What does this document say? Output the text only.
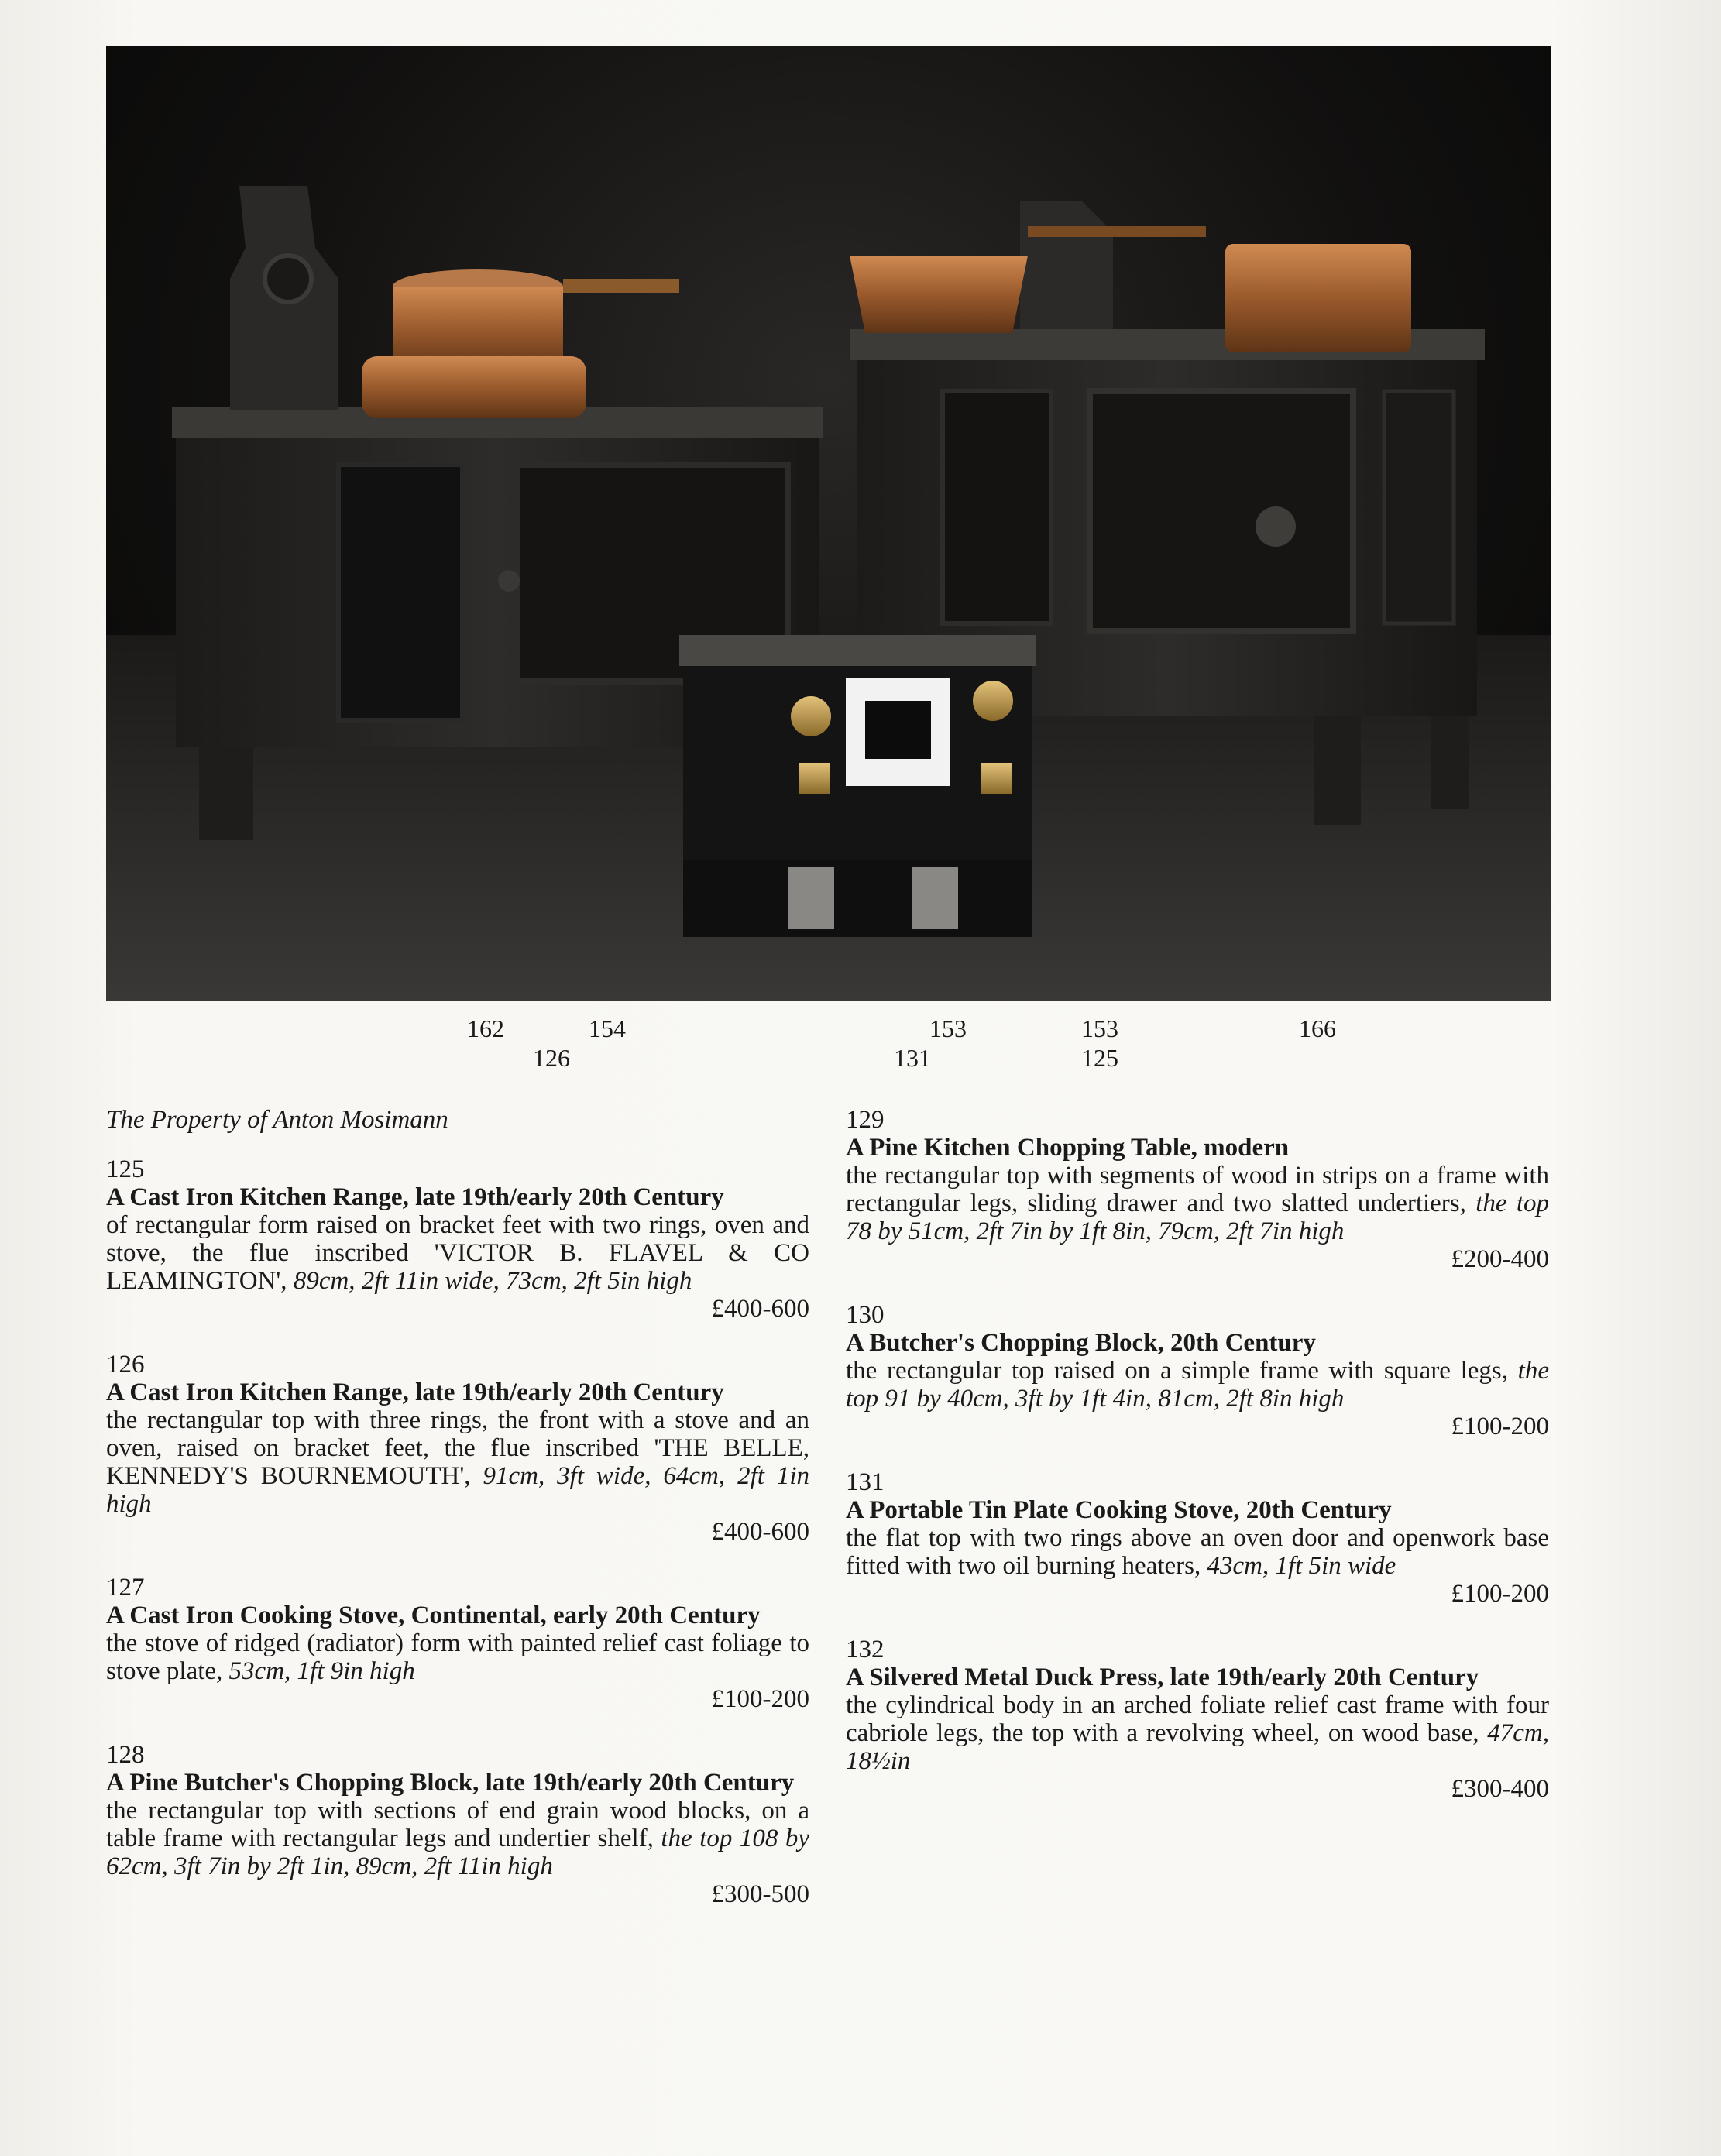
162	154
126
153
131
153
125
166
The Property of Anton Mosimann
125
A Cast Iron Kitchen Range, late 19th/early 20th Century
of rectangular form raised on bracket feet with two rings, oven and stove, the flue inscribed 'VICTOR B. FLAVEL & CO LEAMINGTON', 89cm, 2ft 11in wide, 73cm, 2ft 5in high
£400-600
126
A Cast Iron Kitchen Range, late 19th/early 20th Century
the rectangular top with three rings, the front with a stove and an oven, raised on bracket feet, the flue inscribed 'THE BELLE, KENNEDY'S BOURNEMOUTH', 91cm, 3ft wide, 64cm, 2ft 1in high
£400-600
127
A Cast Iron Cooking Stove, Continental, early 20th Century
the stove of ridged (radiator) form with painted relief cast foliage to stove plate, 53cm, 1ft 9in high
£100-200
128
A Pine Butcher's Chopping Block, late 19th/early 20th Century
the rectangular top with sections of end grain wood blocks, on a table frame with rectangular legs and undertier shelf, the top 108 by 62cm, 3ft 7in by 2ft 1in, 89cm, 2ft 11in high
£300-500
129
A Pine Kitchen Chopping Table, modern
the rectangular top with segments of wood in strips on a frame with rectangular legs, sliding drawer and two slatted undertiers, the top 78 by 51cm, 2ft 7in by 1ft 8in, 79cm, 2ft 7in high
£200-400
130
A Butcher's Chopping Block, 20th Century
the rectangular top raised on a simple frame with square legs, the top 91 by 40cm, 3ft by 1ft 4in, 81cm, 2ft 8in high
£100-200
131
A Portable Tin Plate Cooking Stove, 20th Century
the flat top with two rings above an oven door and openwork base fitted with two oil burning heaters, 43cm, 1ft 5in wide
£100-200
132
A Silvered Metal Duck Press, late 19th/early 20th Century
the cylindrical body in an arched foliate relief cast frame with four cabriole legs, the top with a revolving wheel, on wood base, 47cm, 18½in
£300-400
